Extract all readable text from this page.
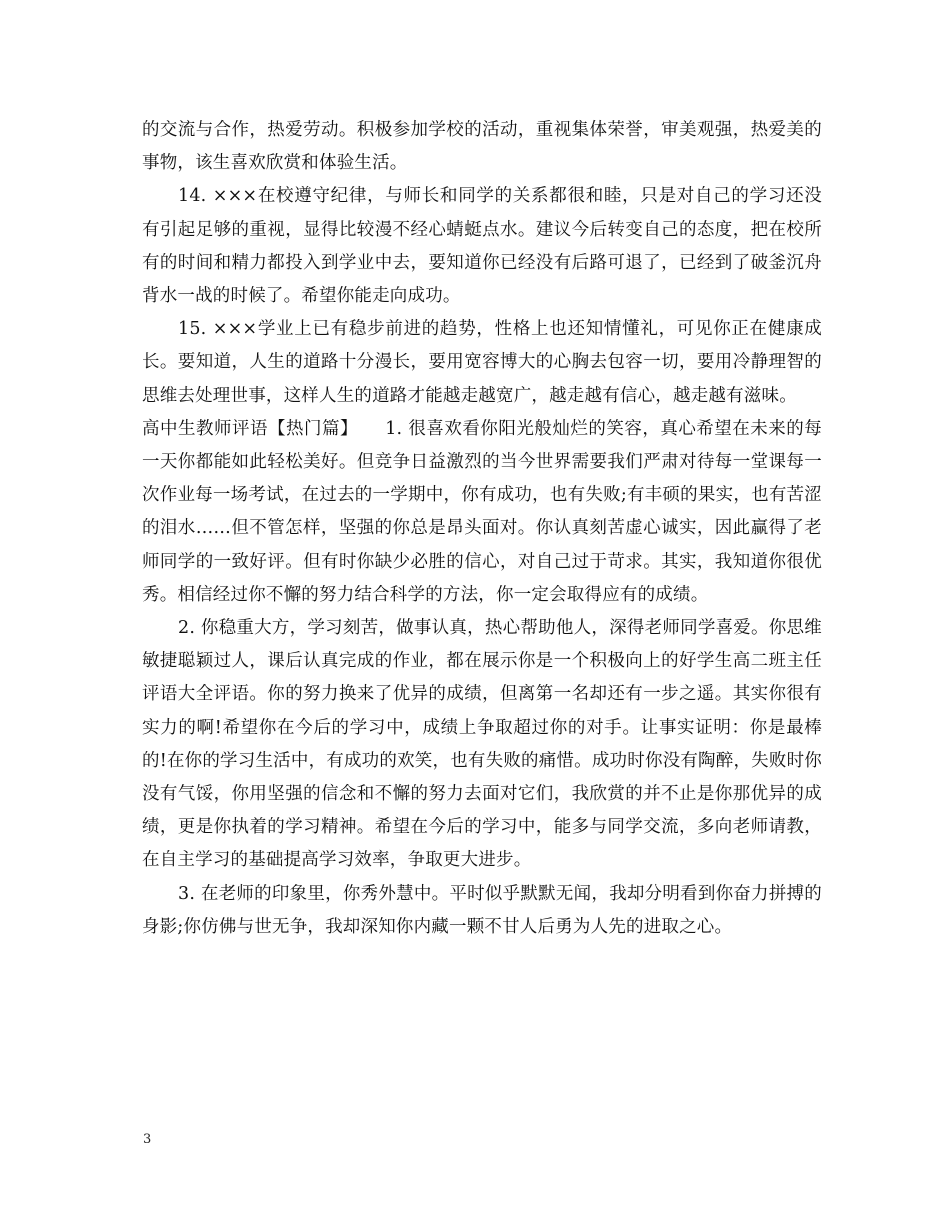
的交流与合作，热爱劳动。积极参加学校的活动，重视集体荣誉，审美观强，热爱美的事物，该生喜欢欣赏和体验生活。

14. ×××在校遵守纪律，与师长和同学的关系都很和睦，只是对自己的学习还没有引起足够的重视，显得比较漫不经心蜻蜓点水。建议今后转变自己的态度，把在校所有的时间和精力都投入到学业中去，要知道你已经没有后路可退了，已经到了破釜沉舟背水一战的时候了。希望你能走向成功。

15. ×××学业上已有稳步前进的趋势，性格上也还知情懂礼，可见你正在健康成长。要知道，人生的道路十分漫长，要用宽容博大的心胸去包容一切，要用冷静理智的思维去处理世事，这样人生的道路才能越走越宽广，越走越有信心，越走越有滋味。

高中生教师评语【热门篇】　　1. 很喜欢看你阳光般灿烂的笑容，真心希望在未来的每一天你都能如此轻松美好。但竞争日益激烈的当今世界需要我们严肃对待每一堂课每一次作业每一场考试，在过去的一学期中，你有成功，也有失败;有丰硕的果实，也有苦涩的泪水……但不管怎样，坚强的你总是昂头面对。你认真刻苦虚心诚实，因此赢得了老师同学的一致好评。但有时你缺少必胜的信心，对自己过于苛求。其实，我知道你很优秀。相信经过你不懈的努力结合科学的方法，你一定会取得应有的成绩。

2. 你稳重大方，学习刻苦，做事认真，热心帮助他人，深得老师同学喜爱。你思维敏捷聪颖过人，课后认真完成的作业，都在展示你是一个积极向上的好学生高二班主任评语大全评语。你的努力换来了优异的成绩，但离第一名却还有一步之遥。其实你很有实力的啊!希望你在今后的学习中，成绩上争取超过你的对手。让事实证明：你是最棒的!在你的学习生活中，有成功的欢笑，也有失败的痛惜。成功时你没有陶醉，失败时你没有气馁，你用坚强的信念和不懈的努力去面对它们，我欣赏的并不止是你那优异的成绩，更是你执着的学习精神。希望在今后的学习中，能多与同学交流，多向老师请教，在自主学习的基础提高学习效率，争取更大进步。

3. 在老师的印象里，你秀外慧中。平时似乎默默无闻，我却分明看到你奋力拼搏的身影;你仿佛与世无争，我却深知你内藏一颗不甘人后勇为人先的进取之心。

3
